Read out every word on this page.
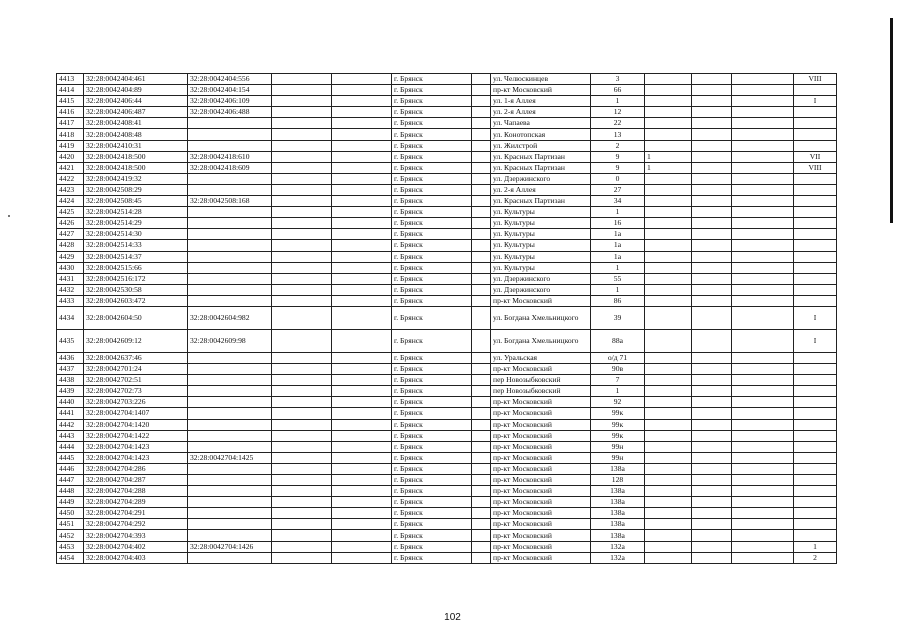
4413	32:28:0042404:461	32:28:0042404:556			г. Брянск		ул. Челюскинцев	3				VIII
4414	32:28:0042404:89	32:28:0042404:154			г. Брянск		пр-кт Московский	66				
4415	32:28:0042406:44	32:28:0042406:109			г. Брянск		ул. 1-я Аллея	1				I
4416	32:28:0042406:487	32:28:0042406:488			г. Брянск		ул. 2-я Аллея	12				
4417	32:28:0042408:41				г. Брянск		ул. Чапаева	22				
4418	32:28:0042408:48				г. Брянск		ул. Конотопская	13				
4419	32:28:0042410:31				г. Брянск		ул. Жилстрой	2				
4420	32:28:0042418:500	32:28:0042418:610			г. Брянск		ул. Красных Партизан	9	1			VII
4421	32:28:0042418:500	32:28:0042418:609			г. Брянск		ул. Красных Партизан	9	1			VIII
4422	32:28:0042419:32				г. Брянск		ул. Дзержинского	0				
4423	32:28:0042508:29				г. Брянск		ул. 2-я Аллея	27				
4424	32:28:0042508:45	32:28:0042508:168			г. Брянск		ул. Красных Партизан	34				
4425	32:28:0042514:28				г. Брянск		ул. Культуры	1				
4426	32:28:0042514:29				г. Брянск		ул. Культуры	16				
4427	32:28:0042514:30				г. Брянск		ул. Культуры	1а				
4428	32:28:0042514:33				г. Брянск		ул. Культуры	1а				
4429	32:28:0042514:37				г. Брянск		ул. Культуры	1а				
4430	32:28:0042515:66				г. Брянск		ул. Культуры	1				
4431	32:28:0042516:172				г. Брянск		ул. Дзержинского	55				
4432	32:28:0042530:58				г. Брянск		ул. Дзержинского	1				
4433	32:28:0042603:472				г. Брянск		пр-кт Московский	86				
4434	32:28:0042604:50	32:28:0042604:982			г. Брянск		ул. Богдана Хмельницкого	39				I
4435	32:28:0042609:12	32:28:0042609:98			г. Брянск		ул. Богдана Хмельницкого	88а				I
4436	32:28:0042637:46				г. Брянск		ул. Уральская	о/д 71				
4437	32:28:0042701:24				г. Брянск		пр-кт Московский	90в				
4438	32:28:0042702:51				г. Брянск		пер Новозыбковский	7				
4439	32:28:0042702:73				г. Брянск		пер Новозыбковский	1				
4440	32:28:0042703:226				г. Брянск		пр-кт Московский	92				
4441	32:28:0042704:1407				г. Брянск		пр-кт Московский	99к				
4442	32:28:0042704:1420				г. Брянск		пр-кт Московский	99к				
4443	32:28:0042704:1422				г. Брянск		пр-кт Московский	99к				
4444	32:28:0042704:1423				г. Брянск		пр-кт Московский	99н				
4445	32:28:0042704:1423	32:28:0042704:1425			г. Брянск		пр-кт Московский	99н				
4446	32:28:0042704:286				г. Брянск		пр-кт Московский	138а				
4447	32:28:0042704:287				г. Брянск		пр-кт Московский	128				
4448	32:28:0042704:288				г. Брянск		пр-кт Московский	138а				
4449	32:28:0042704:289				г. Брянск		пр-кт Московский	138а				
4450	32:28:0042704:291				г. Брянск		пр-кт Московский	138а				
4451	32:28:0042704:292				г. Брянск		пр-кт Московский	138а				
4452	32:28:0042704:393				г. Брянск		пр-кт Московский	138а				
4453	32:28:0042704:402	32:28:0042704:1426			г. Брянск		пр-кт Московский	132а				1
4454	32:28:0042704:403				г. Брянск		пр-кт Московский	132а				2
102
